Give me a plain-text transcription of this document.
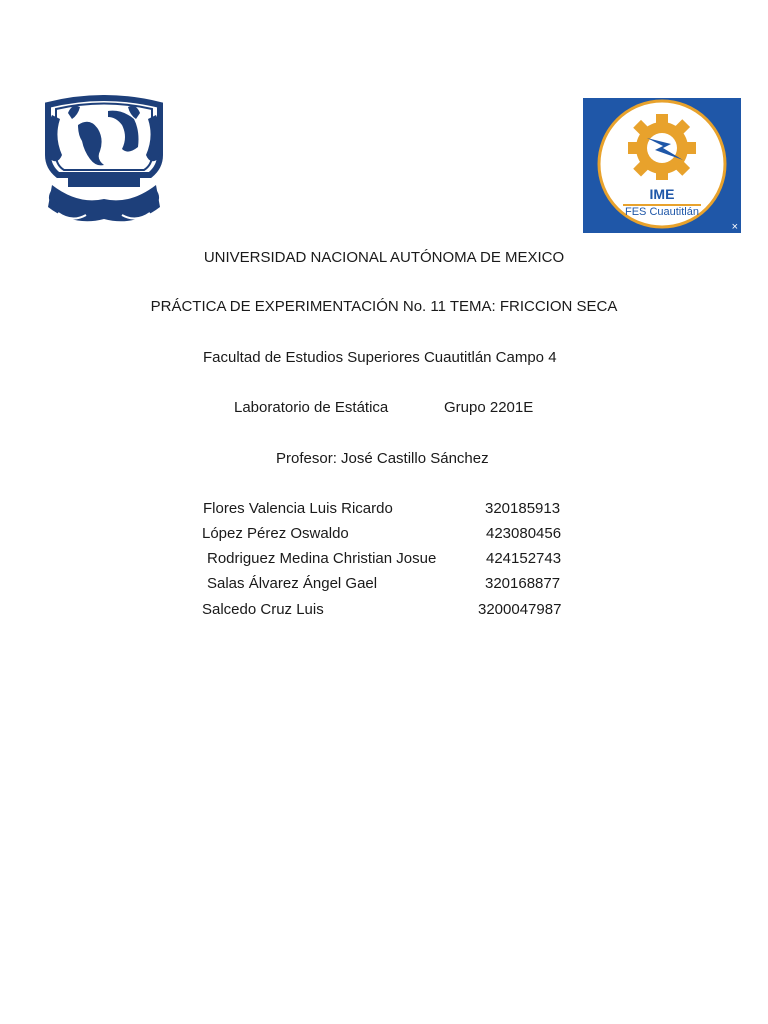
IME
FES Cuautitlán
×
UNIVERSIDAD NACIONAL AUTÓNOMA DE MEXICO
PRÁCTICA DE EXPERIMENTACIÓN No. 11 TEMA: FRICCION SECA
Facultad de Estudios Superiores Cuautitlán Campo 4
Laboratorio de Estática	Grupo 2201E
Profesor: José Castillo Sánchez
Flores Valencia Luis Ricardo	320185913
López Pérez Oswaldo	423080456
Rodriguez Medina Christian Josue	424152743
Salas Álvarez Ángel Gael	320168877
Salcedo Cruz Luis	3200047987
